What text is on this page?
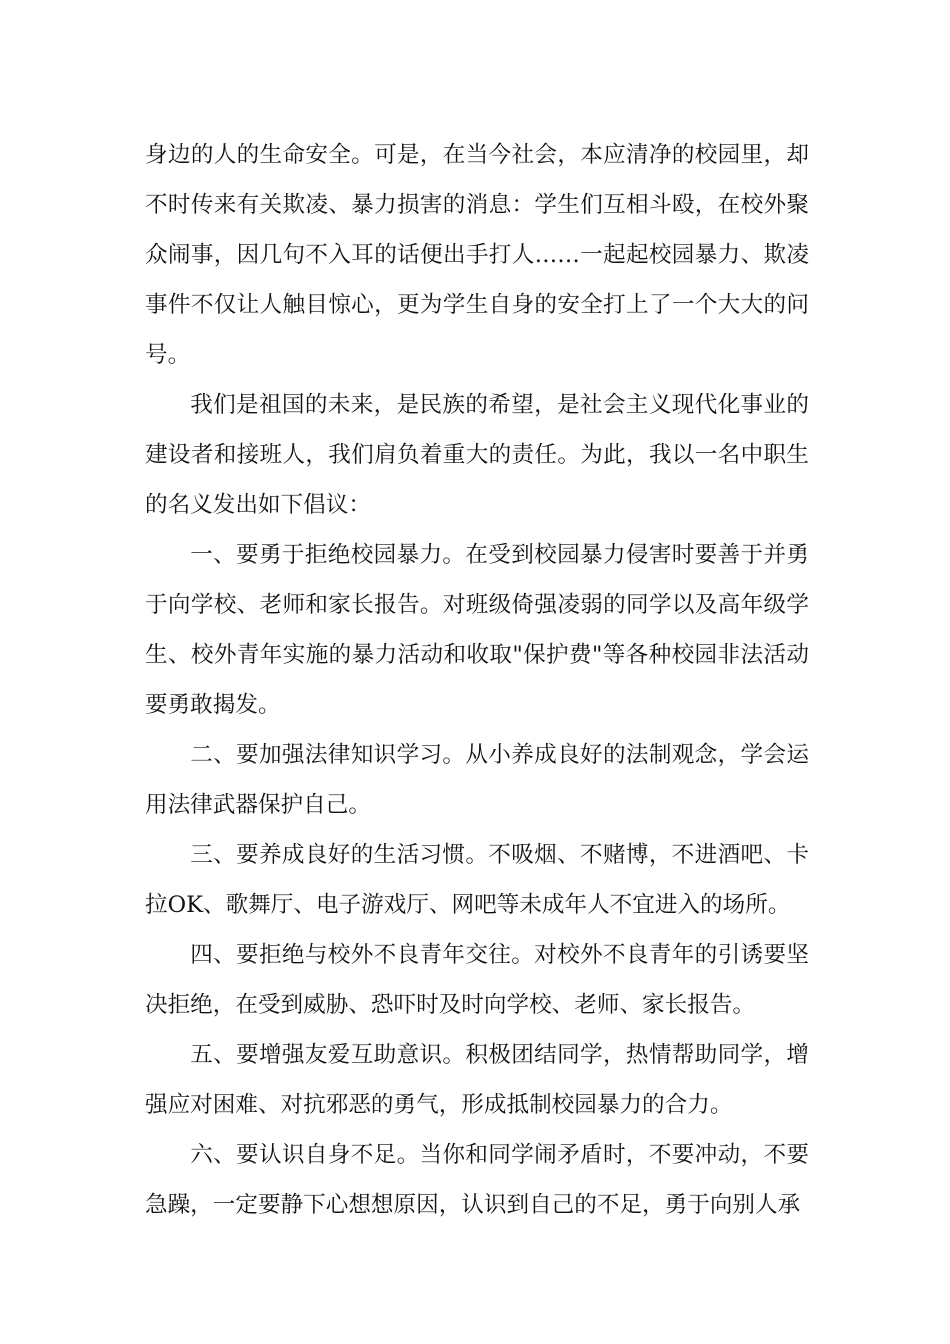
身边的人的生命安全。可是，在当今社会，本应清净的校园里，却不时传来有关欺凌、暴力损害的消息：学生们互相斗殴，在校外聚众闹事，因几句不入耳的话便出手打人……一起起校园暴力、欺凌事件不仅让人触目惊心，更为学生自身的安全打上了一个大大的问号。

我们是祖国的未来，是民族的希望，是社会主义现代化事业的建设者和接班人，我们肩负着重大的责任。为此，我以一名中职生的名义发出如下倡议：

一、要勇于拒绝校园暴力。在受到校园暴力侵害时要善于并勇于向学校、老师和家长报告。对班级倚强凌弱的同学以及高年级学生、校外青年实施的暴力活动和收取"保护费"等各种校园非法活动要勇敢揭发。

二、要加强法律知识学习。从小养成良好的法制观念，学会运用法律武器保护自己。

三、要养成良好的生活习惯。不吸烟、不赌博，不进酒吧、卡拉OK、歌舞厅、电子游戏厅、网吧等未成年人不宜进入的场所。

四、要拒绝与校外不良青年交往。对校外不良青年的引诱要坚决拒绝，在受到威胁、恐吓时及时向学校、老师、家长报告。

五、要增强友爱互助意识。积极团结同学，热情帮助同学，增强应对困难、对抗邪恶的勇气，形成抵制校园暴力的合力。

六、要认识自身不足。当你和同学闹矛盾时，不要冲动，不要急躁，一定要静下心想想原因，认识到自己的不足，勇于向别人承
